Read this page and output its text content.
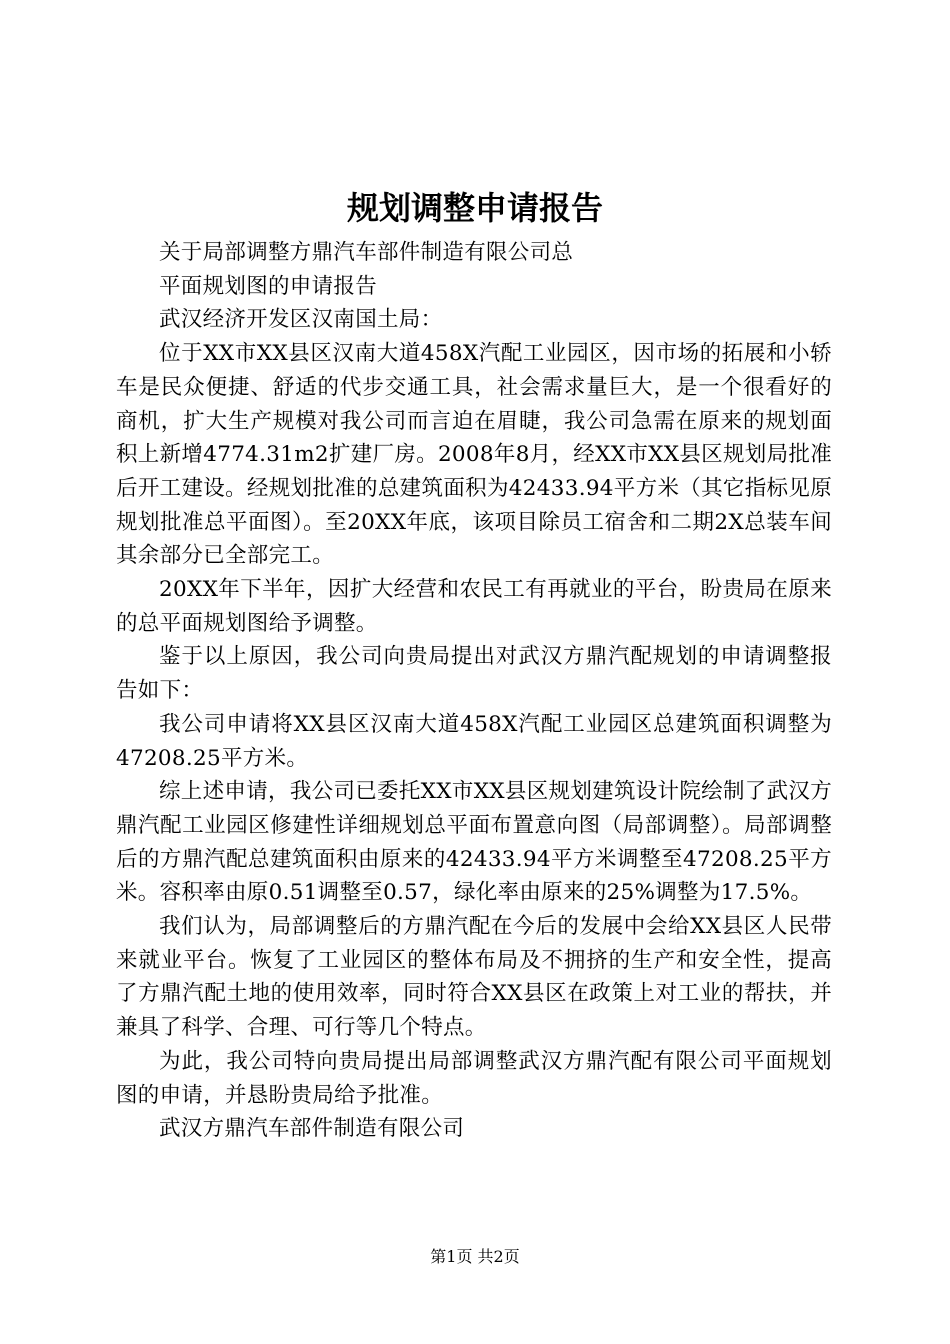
规划调整申请报告

关于局部调整方鼎汽车部件制造有限公司总

平面规划图的申请报告

武汉经济开发区汉南国土局：

位于XX市XX县区汉南大道458X汽配工业园区，因市场的拓展和小轿车是民众便捷、舒适的代步交通工具，社会需求量巨大，是一个很看好的商机，扩大生产规模对我公司而言迫在眉睫，我公司急需在原来的规划面积上新增4774.31m2扩建厂房。2008年8月，经XX市XX县区规划局批准后开工建设。经规划批准的总建筑面积为42433.94平方米（其它指标见原规划批准总平面图）。至20XX年底，该项目除员工宿舍和二期2X总装车间其余部分已全部完工。

20XX年下半年，因扩大经营和农民工有再就业的平台，盼贵局在原来的总平面规划图给予调整。

鉴于以上原因，我公司向贵局提出对武汉方鼎汽配规划的申请调整报告如下：

我公司申请将XX县区汉南大道458X汽配工业园区总建筑面积调整为47208.25平方米。

综上述申请，我公司已委托XX市XX县区规划建筑设计院绘制了武汉方鼎汽配工业园区修建性详细规划总平面布置意向图（局部调整）。局部调整后的方鼎汽配总建筑面积由原来的42433.94平方米调整至47208.25平方米。容积率由原0.51调整至0.57，绿化率由原来的25%调整为17.5%。

我们认为，局部调整后的方鼎汽配在今后的发展中会给XX县区人民带来就业平台。恢复了工业园区的整体布局及不拥挤的生产和安全性，提高了方鼎汽配土地的使用效率，同时符合XX县区在政策上对工业的帮扶，并兼具了科学、合理、可行等几个特点。

为此，我公司特向贵局提出局部调整武汉方鼎汽配有限公司平面规划图的申请，并恳盼贵局给予批准。

武汉方鼎汽车部件制造有限公司

第1页 共2页
